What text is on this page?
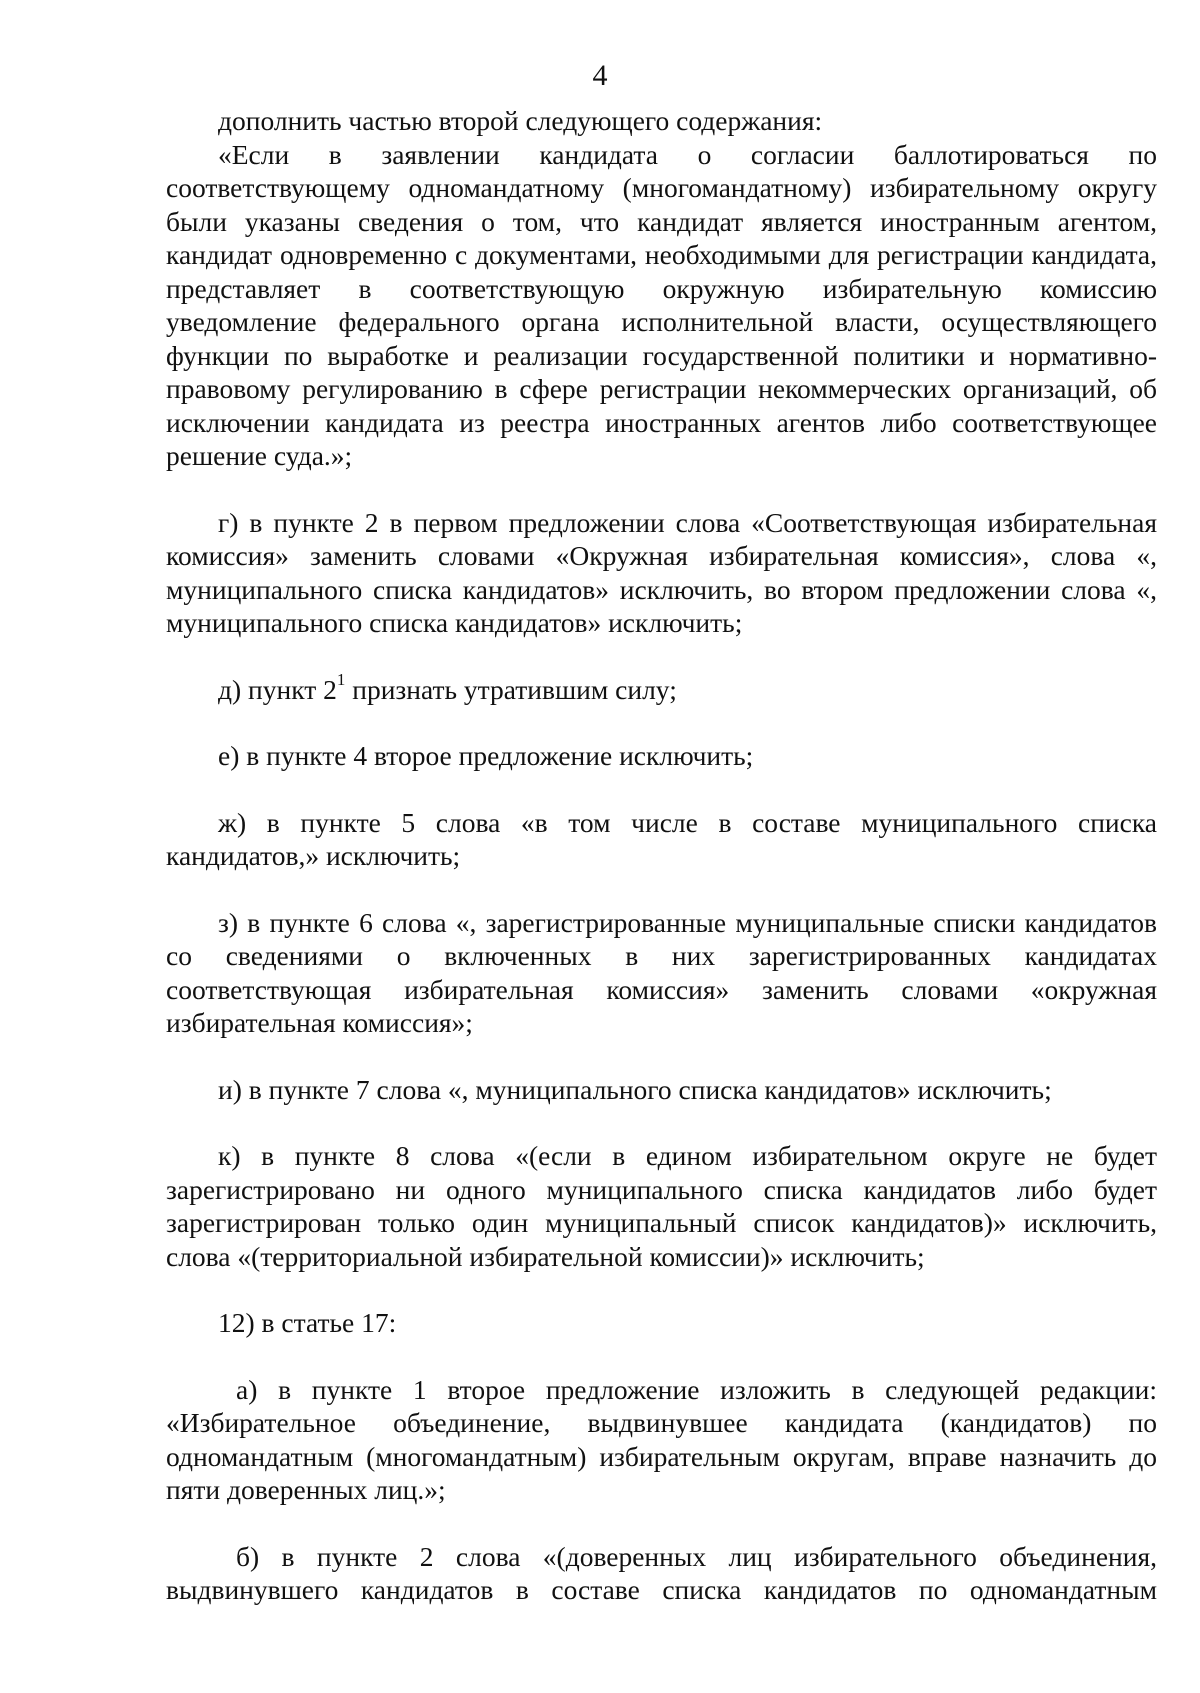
4

дополнить частью второй следующего содержания:

«Если в заявлении кандидата о согласии баллотироваться по соответствующему одномандатному (многомандатному) избирательному округу были указаны сведения о том, что кандидат является иностранным агентом, кандидат одновременно с документами, необходимыми для регистрации кандидата, представляет в соответствующую окружную избирательную комиссию уведомление федерального органа исполнительной власти, осуществляющего функции по выработке и реализации государственной политики и нормативно-правовому регулированию в сфере регистрации некоммерческих организаций, об исключении кандидата из реестра иностранных агентов либо соответствующее решение суда.»;

г) в пункте 2 в первом предложении слова «Соответствующая избирательная комиссия» заменить словами «Окружная избирательная комиссия», слова «, муниципального списка кандидатов» исключить, во втором предложении слова «, муниципального списка кандидатов» исключить;

д) пункт $2^1$ признать утратившим силу;

е) в пункте 4 второе предложение исключить;

ж) в пункте 5 слова «в том числе в составе муниципального списка кандидатов,» исключить;

з) в пункте 6 слова «, зарегистрированные муниципальные списки кандидатов со сведениями о включенных в них зарегистрированных кандидатах соответствующая избирательная комиссия» заменить словами «окружная избирательная комиссия»;

и) в пункте 7 слова «, муниципального списка кандидатов» исключить;

к) в пункте 8 слова «(если в едином избирательном округе не будет зарегистрировано ни одного муниципального списка кандидатов либо будет зарегистрирован только один муниципальный список кандидатов)» исключить, слова «(территориальной избирательной комиссии)» исключить;

12) в статье 17:

а) в пункте 1 второе предложение изложить в следующей редакции: «Избирательное объединение, выдвинувшее кандидата (кандидатов) по одномандатным (многомандатным) избирательным округам, вправе назначить до пяти доверенных лиц.»;

б) в пункте 2 слова «(доверенных лиц избирательного объединения, выдвинувшего кандидатов в составе списка кандидатов по одномандатным
